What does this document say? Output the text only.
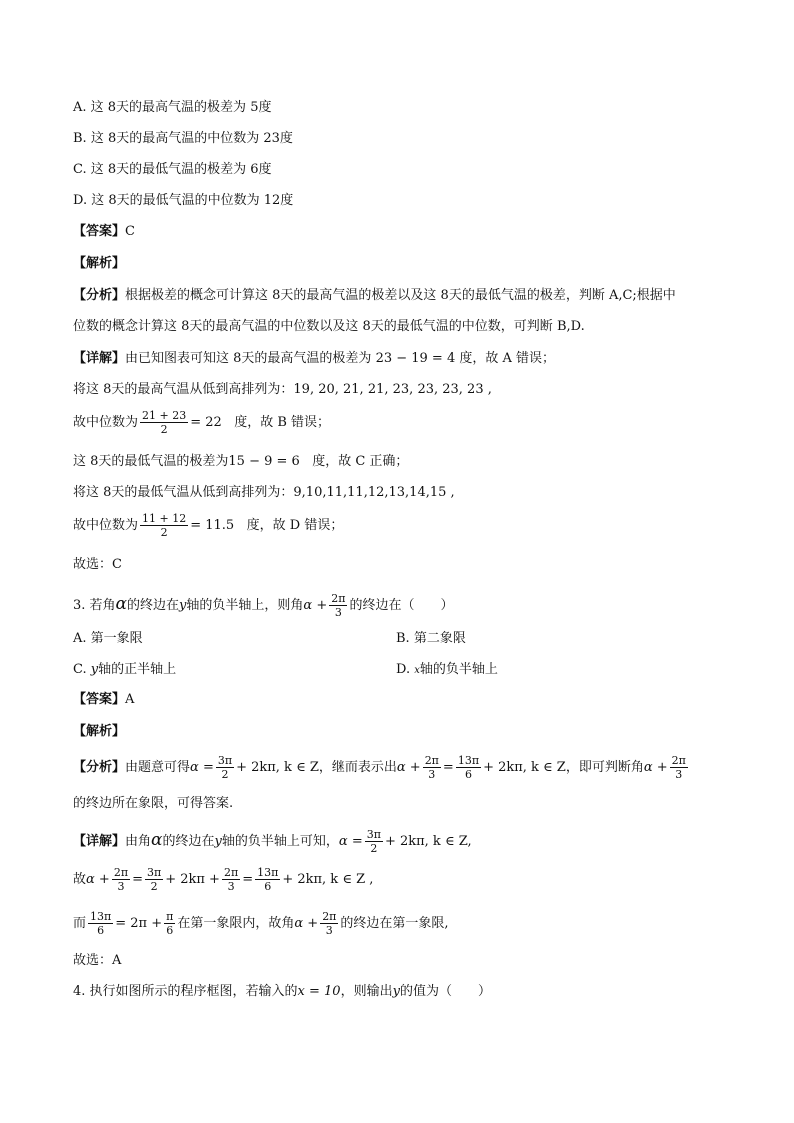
A. 这 8天的最高气温的极差为 5度
B. 这 8天的最高气温的中位数为 23度
C. 这 8天的最低气温的极差为 6度
D. 这 8天的最低气温的中位数为 12度
【答案】C
【解析】
【分析】根据极差的概念可计算这 8天的最高气温的极差以及这 8天的最低气温的极差，判断 A,C;根据中
位数的概念计算这 8天的最高气温的中位数以及这 8天的最低气温的中位数，可判断 B,D.
【详解】由已知图表可知这 8天的最高气温的极差为 23 − 19 = 4 度，故 A 错误；
将这 8天的最高气温从低到高排列为：19, 20, 21, 21, 23, 23, 23, 23 ,
故中位数为 $\frac{21 + 23}{2} = 22$ 度，故 B 错误；
这 8天的最低气温的极差为15 − 9 = 6 度，故 C 正确；
将这 8天的最低气温从低到高排列为：9,10,11,11,12,13,14,15 ,
故中位数为 $\frac{11 + 12}{2} = 11.5$ 度，故 D 错误；
故选：C
3. 若角α的终边在y轴的负半轴上，则角$\alpha + \frac{2\pi}{3}$ 的终边在（　　）
A. 第一象限	B. 第二象限
C. y轴的正半轴上	D. x轴的负半轴上
【答案】A
【解析】
【分析】由题意可得$\alpha = \frac{3\pi}{2} + 2k\pi$, k ∈ Z，继而表示出$\alpha + \frac{2\pi}{3} = \frac{13\pi}{6} + 2k\pi$, k ∈ Z，即可判断角$\alpha + \frac{2\pi}{3}$
的终边所在象限，可得答案.
【详解】由角α的终边在y轴的负半轴上可知，$\alpha = \frac{3\pi}{2} + 2k\pi$, k ∈ Z,
故$\alpha + \frac{2\pi}{3} = \frac{3\pi}{2} + 2k\pi + \frac{2\pi}{3} = \frac{13\pi}{6} + 2k\pi$, k ∈ Z ,
而 $\frac{13\pi}{6} = 2\pi + \frac{\pi}{6}$ 在第一象限内，故角$\alpha + \frac{2\pi}{3}$ 的终边在第一象限,
故选：A
4. 执行如图所示的程序框图，若输入的x = 10，则输出y的值为（　　）
